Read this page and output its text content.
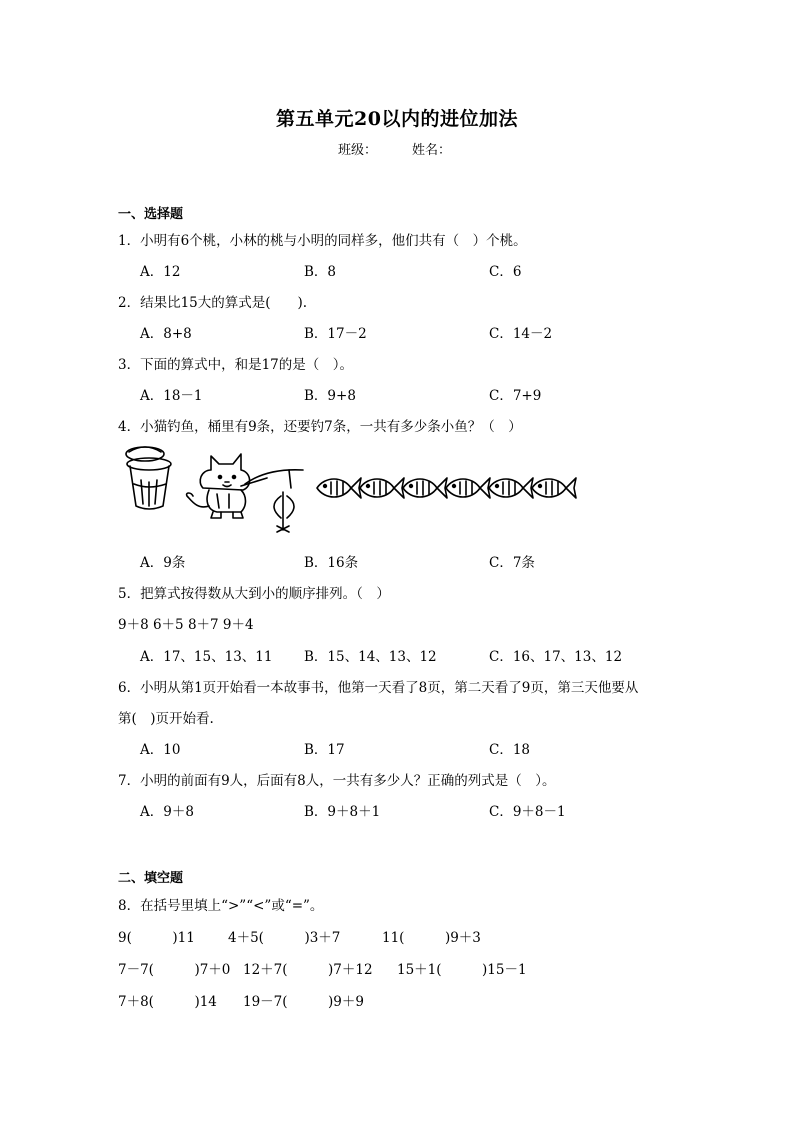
第五单元20以内的进位加法
班级：	姓名：
一、选择题
1．小明有6个桃，小林的桃与小明的同样多，他们共有（　）个桃。
A．12	B．8	C．6
2．结果比15大的算式是(　　).
A．8+8	B．17－2	C．14－2
3．下面的算式中，和是17的是（　）。
A．18－1	B．9+8	C．7+9
4．小猫钓鱼，桶里有9条，还要钓7条，一共有多少条小鱼？（　）
A．9条	B．16条	C．7条
5．把算式按得数从大到小的顺序排列。（　）
9＋8 6＋5 8＋7 9＋4
A．17、15、13、11 B．15、14、13、12	C．16、17、13、12
6．小明从第1页开始看一本故事书，他第一天看了8页，第二天看了9页，第三天他要从
第(　)页开始看.
A．10	B．17	C．18
7．小明的前面有9人，后面有8人，一共有多少人？正确的列式是（　）。
A．9＋8	B．9＋8＋1	C．9＋8－1
二、填空题
8．在括号里填上“>”“<”或“=”。
9(　　　)11 4＋5(　　　)3＋7	11(　　　)9＋3
7－7(　　　)7＋0 12＋7(　　　)7＋12 15＋1(　　　)15－1
7＋8(　　　)14 19－7(　　　)9＋9
